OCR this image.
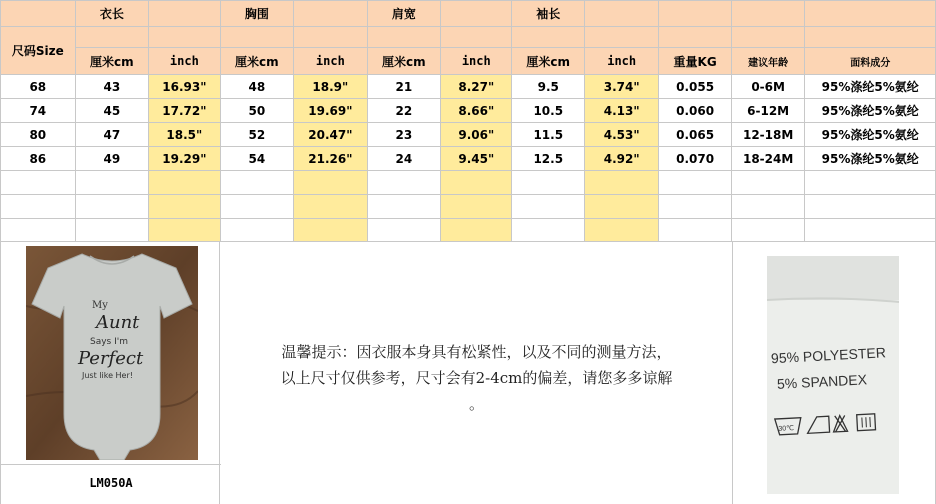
	衣长		胸围		肩宽		袖长				
尺码Size											
	厘米cm	inch	厘米cm	inch	厘米cm	inch	厘米cm	inch	重量KG	建议年龄	面料成分
68	43	16.93"	48	18.9"	21	8.27"	9.5	3.74"	0.055	0-6M	95%涤纶5%氨纶
74	45	17.72"	50	19.69"	22	8.66"	10.5	4.13"	0.060	6-12M	95%涤纶5%氨纶
80	47	18.5"	52	20.47"	23	9.06"	11.5	4.53"	0.065	12-18M	95%涤纶5%氨纶
86	49	19.29"	54	21.26"	24	9.45"	12.5	4.92"	0.070	18-24M	95%涤纶5%氨纶

My
Aunt
Says I'm
Perfect
Just like Her!
LM050A
温馨提示：因衣服本身具有松紧性，以及不同的测量方法，
以上尺寸仅供参考，尺寸会有2-4cm的偏差，请您多多谅解
。
95% POLYESTER
5% SPANDEX
30℃
